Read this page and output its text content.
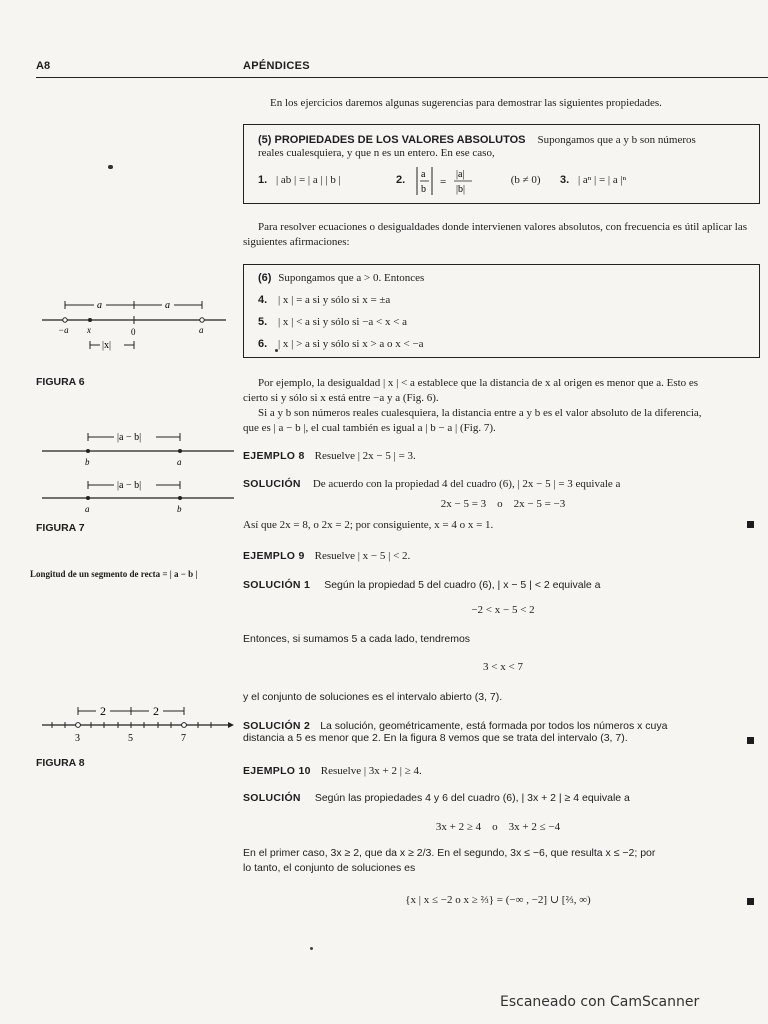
A8	APÉNDICES
En los ejercicios daremos algunas sugerencias para demostrar las siguientes propiedades.
(5) PROPIEDADES DE LOS VALORES ABSOLUTOS Supongamos que a y b son números
reales cualesquiera, y que n es un entero. En ese caso,
1. | ab | = | a | | b |	2. a
b
=
|a|
|b|
(b ≠ 0) 3. | aⁿ | = | a |ⁿ
Para resolver ecuaciones o desigualdades donde intervienen valores absolutos, con frecuencia es útil aplicar las siguientes afirmaciones:
(6) Supongamos que a > 0. Entonces
4. | x | = a si y sólo si x = ±a
5. | x | < a si y sólo si −a < x < a
6. | x | > a si y sólo si x > a o x < −a
a	a
−a x	0	a
|x|
FIGURA 6	Por ejemplo, la desigualdad | x | < a establece que la distancia de x al origen es menor que a. Esto es
cierto si y sólo si x está entre −a y a (Fig. 6).
Si a y b son números reales cualesquiera, la distancia entre a y b es el valor absoluto de la diferencia,
que es | a − b |, el cual también es igual a | b − a | (Fig. 7).
|a − b|
b	a
|a − b|
a	b
FIGURA 7
Longitud de un segmento de recta = | a − b |
EJEMPLO 8 Resuelve | 2x − 5 | = 3.
SOLUCIÓN De acuerdo con la propiedad 4 del cuadro (6), | 2x − 5 | = 3 equivale a
2x − 5 = 3    o    2x − 5 = −3
Así que 2x = 8, o 2x = 2; por consiguiente, x = 4 o x = 1.
EJEMPLO 9 Resuelve | x − 5 | < 2.
SOLUCIÓN 1 Según la propiedad 5 del cuadro (6), | x − 5 | < 2 equivale a
−2 < x − 5 < 2
Entonces, si sumamos 5 a cada lado, tendremos
3 < x < 7
y el conjunto de soluciones es el intervalo abierto (3, 7).
SOLUCIÓN 2 La solución, geométricamente, está formada por todos los números x cuya
distancia a 5 es menor que 2. En la figura 8 vemos que se trata del intervalo (3, 7).
2	2
3	5	7
FIGURA 8
EJEMPLO 10 Resuelve | 3x + 2 | ≥ 4.
SOLUCIÓN Según las propiedades 4 y 6 del cuadro (6), | 3x + 2 | ≥ 4 equivale a
3x + 2 ≥ 4    o    3x + 2 ≤ −4
En el primer caso, 3x ≥ 2, que da x ≥ 2/3. En el segundo, 3x ≤ −6, que resulta x ≤ −2; por
lo tanto, el conjunto de soluciones es
{x | x ≤ −2 o x ≥ ⅔} = (−∞ , −2] ∪ [⅔, ∞)
Escaneado con CamScanner
